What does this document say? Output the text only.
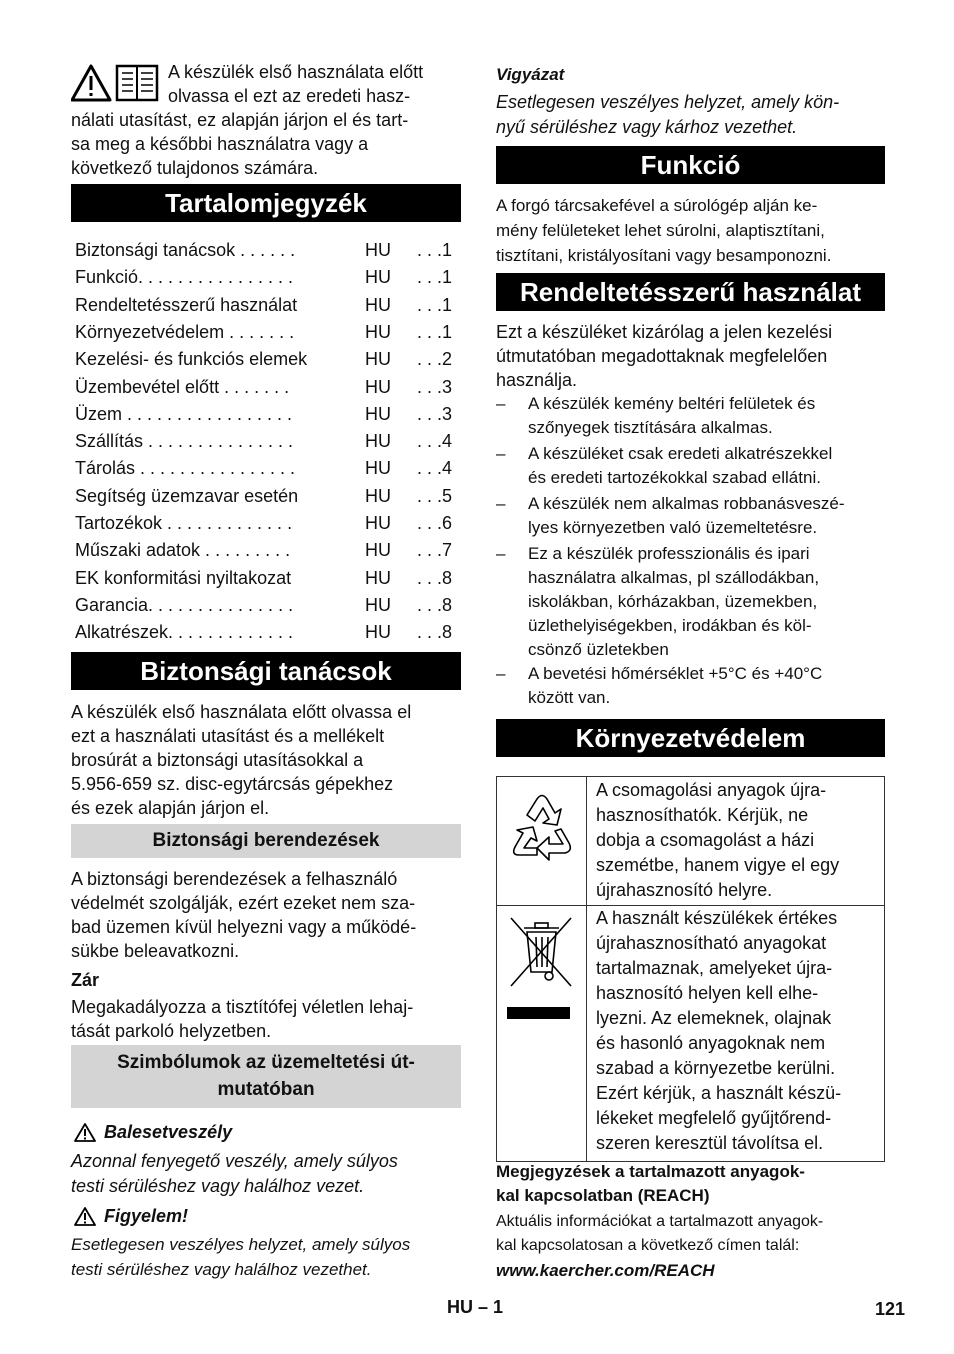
A készülék első használata előtt

olvassa el ezt az eredeti hasz-

nálati utasítást, ez alapján járjon el és tart-

sa meg a későbbi használatra vagy a

következő tulajdonos számára.

Tartalomjegyzék
Biztonsági tanácsok . . . . . .	HU . . .1
Funkció. . . . . . . . . . . . . . . .	HU . . .1
Rendeltetésszerű használat	HU . . .1
Környezetvédelem . . . . . . .	HU . . .1
Kezelési- és funkciós elemek	HU . . .2
Üzembevétel előtt . . . . . . .	HU . . .3
Üzem . . . . . . . . . . . . . . . . .	HU . . .3
Szállítás . . . . . . . . . . . . . . .	HU . . .4
Tárolás . . . . . . . . . . . . . . . .	HU . . .4
Segítség üzemzavar esetén	HU . . .5
Tartozékok . . . . . . . . . . . . .	HU . . .6
Műszaki adatok . . . . . . . . .	HU . . .7
EK konformitási nyiltakozat	HU . . .8
Garancia. . . . . . . . . . . . . . .	HU . . .8
Alkatrészek. . . . . . . . . . . . .	HU . . .8
Biztonsági tanácsok

A készülék első használata előtt olvassa el

ezt a használati utasítást és a mellékelt

brosúrát a biztonsági utasításokkal a

5.956-659 sz. disc-egytárcsás gépekhez

és ezek alapján járjon el.

Biztonsági berendezések

A biztonsági berendezések a felhasználó

védelmét szolgálják, ezért ezeket nem sza-

bad üzemen kívül helyezni vagy a működé-

sükbe beleavatkozni.

Zár

Megakadályozza a tisztítófej véletlen lehaj-

tását parkoló helyzetben.

Szimbólumok az üzemeltetési út-
mutatóban

Balesetveszély

Azonnal fenyegető veszély, amely súlyos

testi sérüléshez vagy halálhoz vezet.

Figyelem!

Esetlegesen veszélyes helyzet, amely súlyos

testi sérüléshez vagy halálhoz vezethet.

Vigyázat

Esetlegesen veszélyes helyzet, amely kön-

nyű sérüléshez vagy kárhoz vezethet.

Funkció

A forgó tárcsakefével a súrológép alján ke-

mény felületeket lehet súrolni, alaptisztítani,

tisztítani, kristályosítani vagy besamponozni.

Rendeltetésszerű használat

Ezt a készüléket kizárólag a jelen kezelési

útmutatóban megadottaknak megfelelően

használja.

–	A készülék kemény beltéri felületek és
szőnyegek tisztítására alkalmas.
–	A készüléket csak eredeti alkatrészekkel
és eredeti tartozékokkal szabad ellátni.
–	A készülék nem alkalmas robbanásveszé-
lyes környezetben való üzemeltetésre.
–	Ez a készülék professzionális és ipari
használatra alkalmas, pl szállodákban,
iskolákban, kórházakban, üzemekben,
üzlethelyiségekben, irodákban és köl-
csönző üzletekben
–	A bevetési hőmérséklet +5°C és +40°C
között van.
Környezetvédelem

A csomagolási anyagok újra-

hasznosíthatók. Kérjük, ne

dobja a csomagolást a házi

szemétbe, hanem vigye el egy

újrahasznosító helyre.

A használt készülékek értékes

újrahasznosítható anyagokat

tartalmaznak, amelyeket újra-

hasznosító helyen kell elhe-

lyezni. Az elemeknek, olajnak

és hasonló anyagoknak nem

szabad a környezetbe kerülni.

Ezért kérjük, a használt készü-

lékeket megfelelő gyűjtőrend-

szeren keresztül távolítsa el.

Megjegyzések a tartalmazott anyagok-

kal kapcsolatban (REACH)

Aktuális információkat a tartalmazott anyagok-

kal kapcsolatosan a következő címen talál:

www.kaercher.com/REACH

HU – 1	121
